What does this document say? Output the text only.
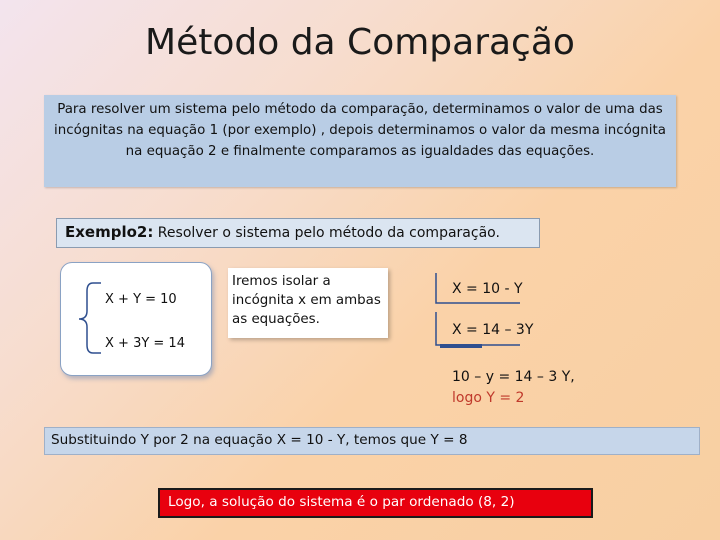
Método da Comparação
Para resolver um sistema pelo método da comparação, determinamos o valor de uma das incógnitas na equação 1 (por exemplo) , depois determinamos o valor da mesma incógnita na equação 2 e finalmente comparamos as igualdades das equações.
Exemplo2: Resolver o sistema pelo método da comparação.
X + Y = 10
X + 3Y = 14
Iremos isolar a incógnita x em ambas as equações.
X = 10 - Y
X = 14 – 3Y
10 – y = 14 – 3 Y,
logo Y = 2
Substituindo Y por 2 na equação X = 10 - Y, temos que Y = 8
Logo, a solução do sistema é o par ordenado (8, 2)
